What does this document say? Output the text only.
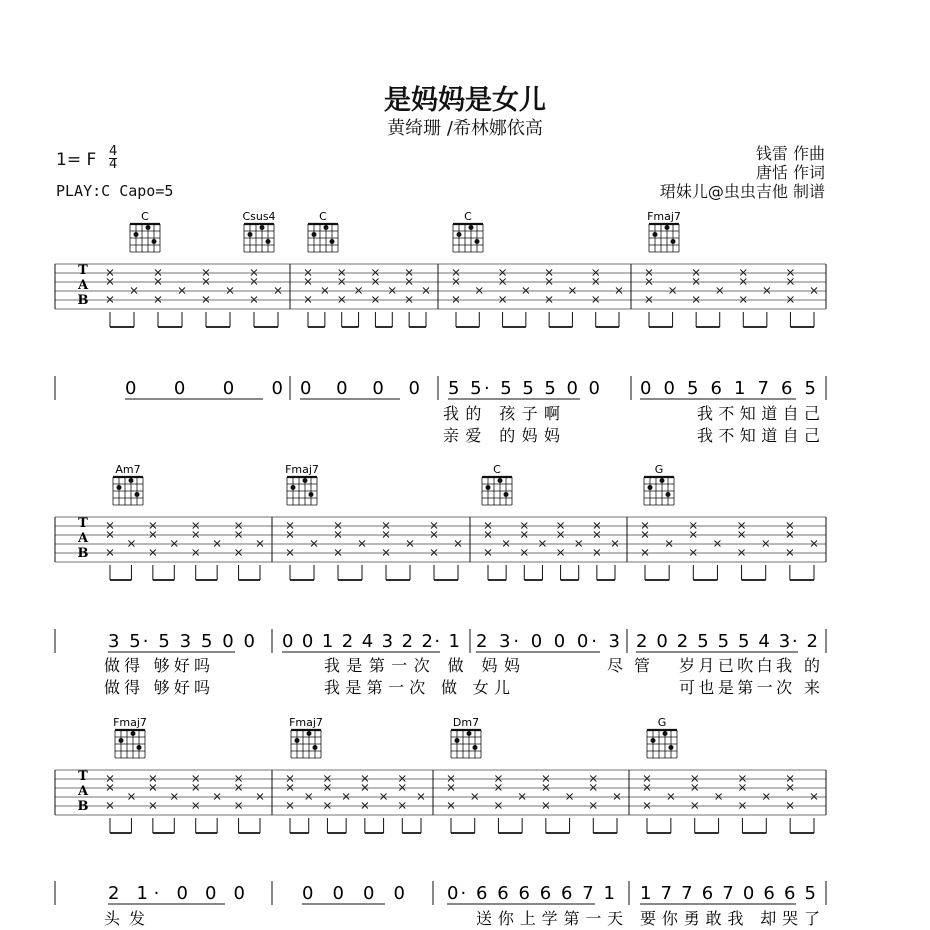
是妈妈是女儿
黄绮珊 /希林娜依高
1= F 4
4
PLAY:C Capo=5
钱雷 作曲
唐恬 作词
珺妹儿@虫虫吉他 制谱
C	Csus4	C	C	Fmaj7
T
A
B
0 0 0 0 0 0 0 0 5 5· 5 5 5 0 0 0 0 5 6 1 7 6 5
我的 孩子啊	我不知道自己
亲爱 的妈妈	我不知道自己
Am7	Fmaj7	C	G
T
A
B
3 5· 5 3 5 0 0 0 0 1 2 4 3 2 2· 1 2 3· 0 0 0· 3 2 0 2 5 5 5 4 3· 2
做得 够好吗	我是第一次 做 妈妈	尽 管 岁月已吹白我 的
做得 够好吗	我是第一次 做 女儿	可也是第一次 来
Fmaj7	Fmaj7	Dm7	G
T
A
B
2 1· 0 0 0	0 0 0 0 0· 6 6 6 6 6 7 1 1 7 7 6 7 0 6 6 5
头发	送你上学第一天 要你勇敢我 却哭了
